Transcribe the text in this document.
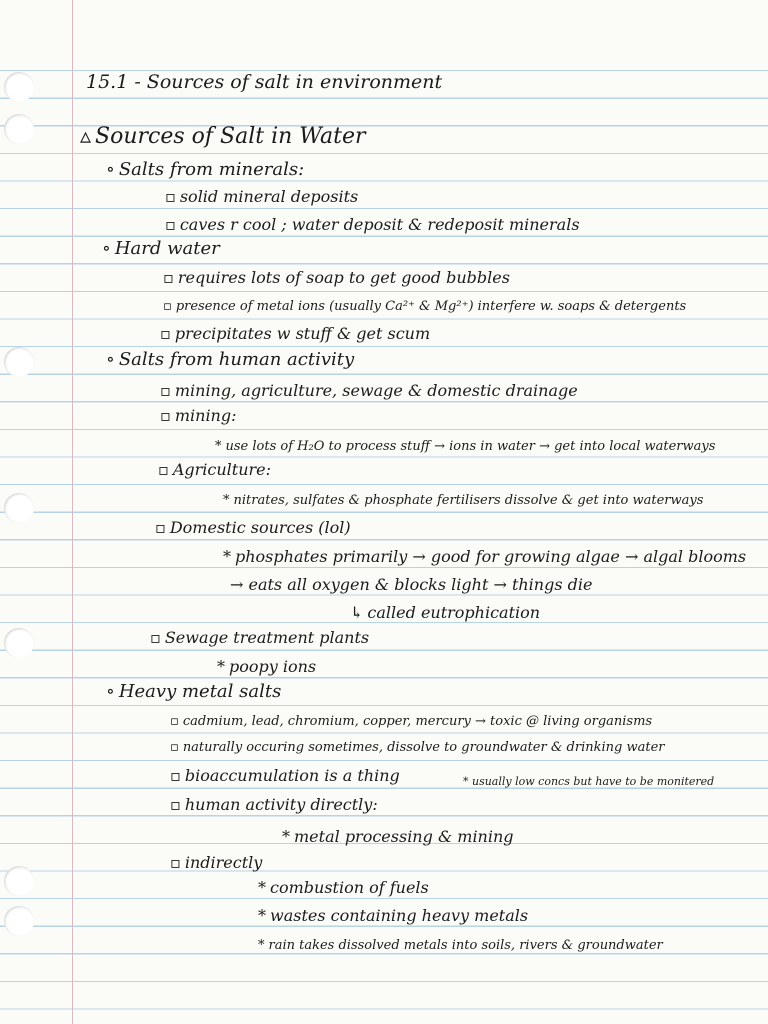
15.1 - Sources of salt in environment
▵ Sources of Salt in Water
∘ Salts from minerals:
▫ solid mineral deposits
▫ caves r cool ; water deposit & redeposit minerals
∘ Hard water
▫ requires lots of soap to get good bubbles
▫ presence of metal ions (usually Ca²⁺ & Mg²⁺) interfere w. soaps & detergents
▫ precipitates w stuff & get scum
∘ Salts from human activity
▫ mining, agriculture, sewage & domestic drainage
▫ mining:
* use lots of H₂O to process stuff → ions in water → get into local waterways
▫ Agriculture:
* nitrates, sulfates & phosphate fertilisers dissolve & get into waterways
▫ Domestic sources (lol)
* phosphates primarily → good for growing algae → algal blooms
→ eats all oxygen & blocks light → things die
↳ called eutrophication
▫ Sewage treatment plants
* poopy ions
∘ Heavy metal salts
▫ cadmium, lead, chromium, copper, mercury → toxic @ living organisms
▫ naturally occuring sometimes, dissolve to groundwater & drinking water
▫ bioaccumulation is a thing	* usually low concs but have to be monitered
▫ human activity directly:
* metal processing & mining
▫ indirectly
* combustion of fuels
* wastes containing heavy metals
* rain takes dissolved metals into soils, rivers & groundwater
